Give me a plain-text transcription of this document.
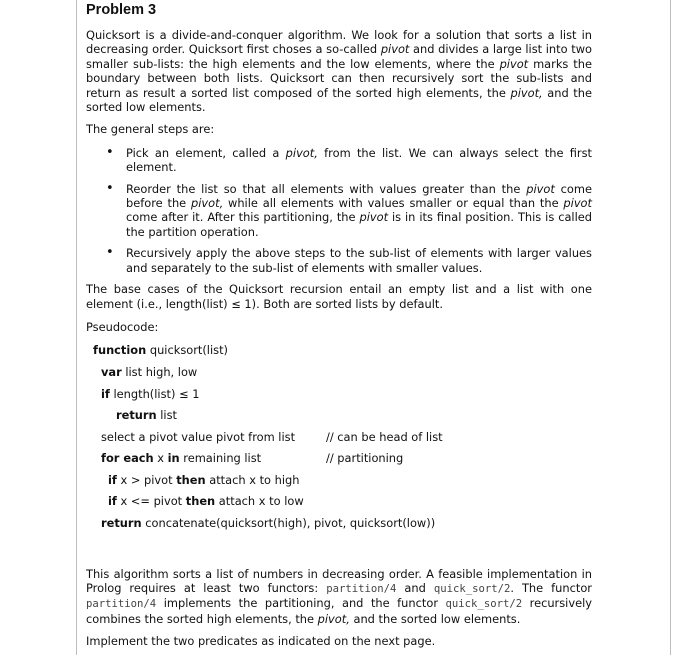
Problem 3

Quicksort is a divide-and-conquer algorithm. We look for a solution that sorts a list in decreasing order. Quicksort first choses a so-called pivot and divides a large list into two smaller sub-lists: the high elements and the low elements, where the pivot marks the boundary between both lists. Quicksort can then recursively sort the sub-lists and return as result a sorted list composed of the sorted high elements, the pivot, and the sorted low elements.

The general steps are:

• Pick an element, called a pivot, from the list. We can always select the first element.
• Reorder the list so that all elements with values greater than the pivot come before the pivot, while all elements with values smaller or equal than the pivot come after it. After this partitioning, the pivot is in its final position. This is called the partition operation.
• Recursively apply the above steps to the sub-list of elements with larger values and separately to the sub-list of elements with smaller values.

The base cases of the Quicksort recursion entail an empty list and a list with one element (i.e., length(list) ≤ 1). Both are sorted lists by default.

Pseudocode:

function quicksort(list)
var list high, low
if length(list) ≤ 1
return list
select a pivot value pivot from list	// can be head of list
for each x in remaining list	// partitioning
if x > pivot then attach x to high
if x <= pivot then attach x to low
return concatenate(quicksort(high), pivot, quicksort(low))

This algorithm sorts a list of numbers in decreasing order. A feasible implementation in Prolog requires at least two functors: partition/4 and quick_sort/2. The functor partition/4 implements the partitioning, and the functor quick_sort/2 recursively combines the sorted high elements, the pivot, and the sorted low elements.

Implement the two predicates as indicated on the next page.
